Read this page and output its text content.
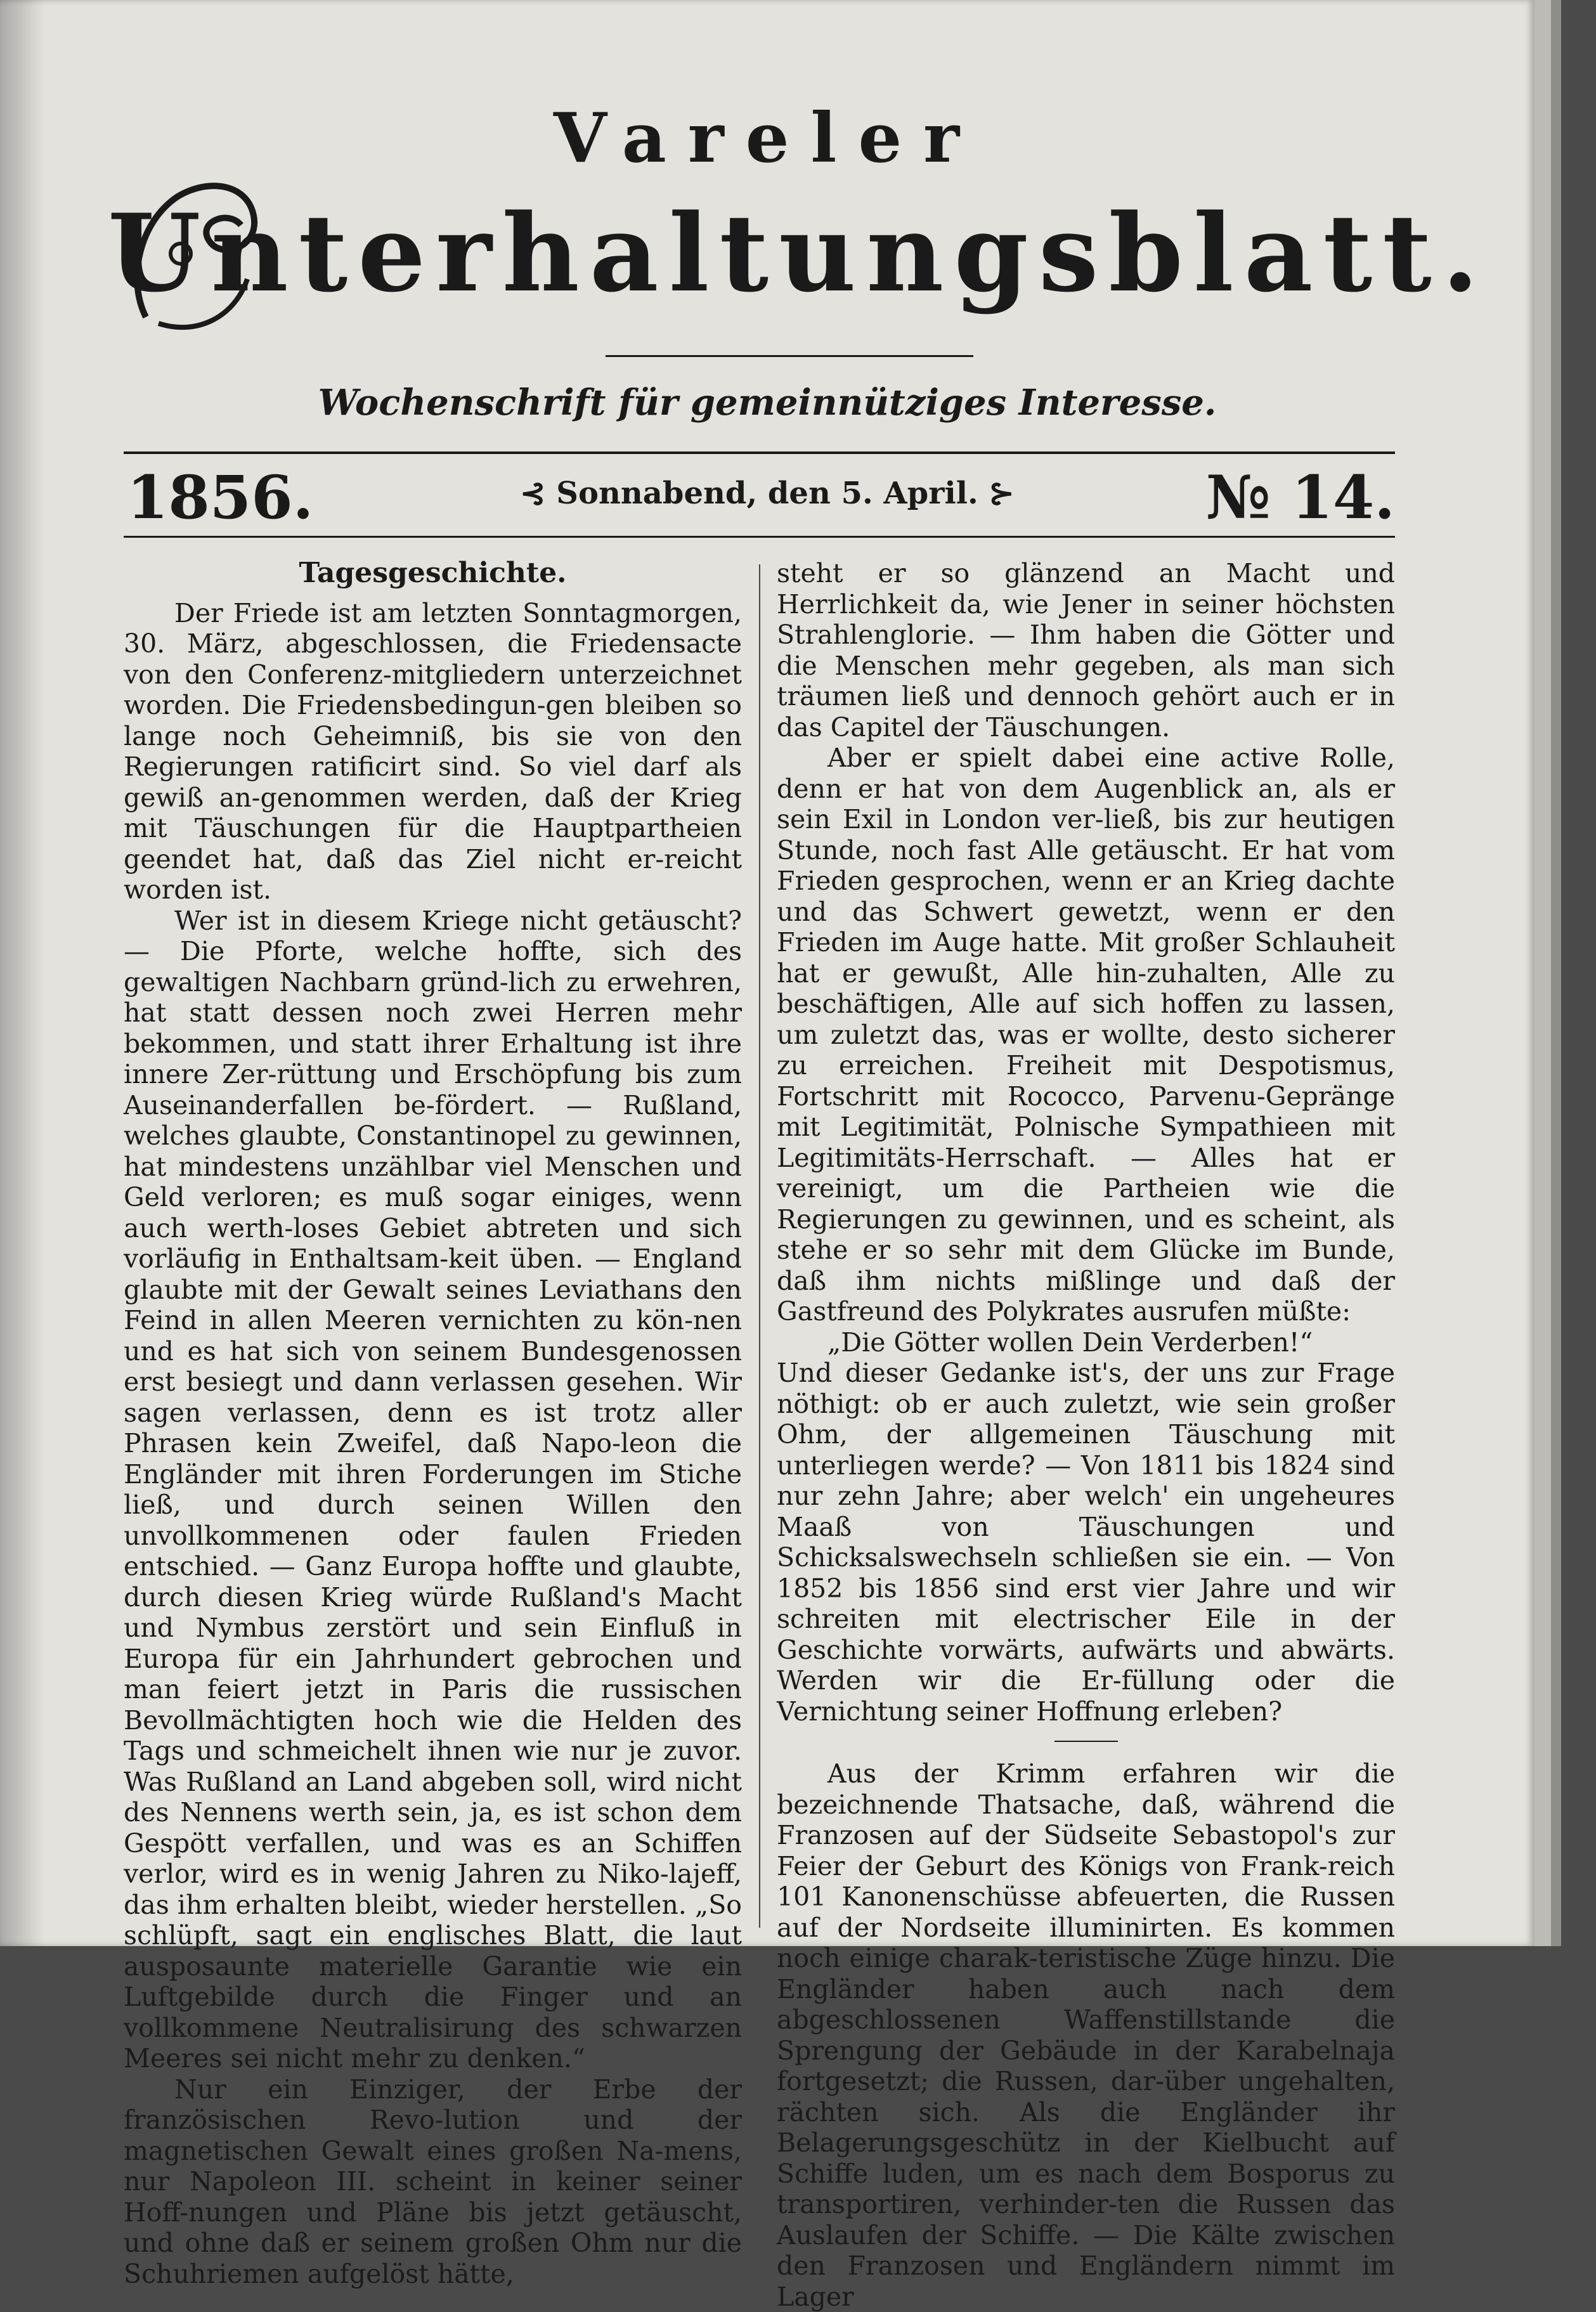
Vareler
Unterhaltungsblatt.
Wochenschrift für gemeinnütziges Interesse.
1856.	⊰ Sonnabend, den 5. April. ⊱	№ 14.
Tagesgeschichte.

Der Friede ist am letzten Sonntagmorgen, 30. März, abgeschlossen, die Friedensacte von den Conferenz-mitgliedern unterzeichnet worden. Die Friedensbedingun-gen bleiben so lange noch Geheimniß, bis sie von den Regierungen ratificirt sind. So viel darf als gewiß an-genommen werden, daß der Krieg mit Täuschungen für die Hauptpartheien geendet hat, daß das Ziel nicht er-reicht worden ist.

Wer ist in diesem Kriege nicht getäuscht? — Die Pforte, welche hoffte, sich des gewaltigen Nachbarn gründ-lich zu erwehren, hat statt dessen noch zwei Herren mehr bekommen, und statt ihrer Erhaltung ist ihre innere Zer-rüttung und Erschöpfung bis zum Auseinanderfallen be-fördert. — Rußland, welches glaubte, Constantinopel zu gewinnen, hat mindestens unzählbar viel Menschen und Geld verloren; es muß sogar einiges, wenn auch werth-loses Gebiet abtreten und sich vorläufig in Enthaltsam-keit üben. — England glaubte mit der Gewalt seines Leviathans den Feind in allen Meeren vernichten zu kön-nen und es hat sich von seinem Bundesgenossen erst besiegt und dann verlassen gesehen. Wir sagen verlassen, denn es ist trotz aller Phrasen kein Zweifel, daß Napo-leon die Engländer mit ihren Forderungen im Stiche ließ, und durch seinen Willen den unvollkommenen oder faulen Frieden entschied. — Ganz Europa hoffte und glaubte, durch diesen Krieg würde Rußland's Macht und Nymbus zerstört und sein Einfluß in Europa für ein Jahrhundert gebrochen und man feiert jetzt in Paris die russischen Bevollmächtigten hoch wie die Helden des Tags und schmeichelt ihnen wie nur je zuvor. Was Rußland an Land abgeben soll, wird nicht des Nennens werth sein, ja, es ist schon dem Gespött verfallen, und was es an Schiffen verlor, wird es in wenig Jahren zu Niko-lajeff, das ihm erhalten bleibt, wieder herstellen. „So schlüpft, sagt ein englisches Blatt, die laut ausposaunte materielle Garantie wie ein Luftgebilde durch die Finger und an vollkommene Neutralisirung des schwarzen Meeres sei nicht mehr zu denken.“

Nur ein Einziger, der Erbe der französischen Revo-lution und der magnetischen Gewalt eines großen Na-mens, nur Napoleon III. scheint in keiner seiner Hoff-nungen und Pläne bis jetzt getäuscht, und ohne daß er seinem großen Ohm nur die Schuhriemen aufgelöst hätte,

steht er so glänzend an Macht und Herrlichkeit da, wie Jener in seiner höchsten Strahlenglorie. — Ihm haben die Götter und die Menschen mehr gegeben, als man sich träumen ließ und dennoch gehört auch er in das Capitel der Täuschungen.

Aber er spielt dabei eine active Rolle, denn er hat von dem Augenblick an, als er sein Exil in London ver-ließ, bis zur heutigen Stunde, noch fast Alle getäuscht. Er hat vom Frieden gesprochen, wenn er an Krieg dachte und das Schwert gewetzt, wenn er den Frieden im Auge hatte. Mit großer Schlauheit hat er gewußt, Alle hin-zuhalten, Alle zu beschäftigen, Alle auf sich hoffen zu lassen, um zuletzt das, was er wollte, desto sicherer zu erreichen. Freiheit mit Despotismus, Fortschritt mit Rococco, Parvenu-Gepränge mit Legitimität, Polnische Sympathieen mit Legitimitäts-Herrschaft. — Alles hat er vereinigt, um die Partheien wie die Regierungen zu gewinnen, und es scheint, als stehe er so sehr mit dem Glücke im Bunde, daß ihm nichts mißlinge und daß der Gastfreund des Polykrates ausrufen müßte:

„Die Götter wollen Dein Verderben!“

Und dieser Gedanke ist's, der uns zur Frage nöthigt: ob er auch zuletzt, wie sein großer Ohm, der allgemeinen Täuschung mit unterliegen werde? — Von 1811 bis 1824 sind nur zehn Jahre; aber welch' ein ungeheures Maaß von Täuschungen und Schicksalswechseln schließen sie ein. — Von 1852 bis 1856 sind erst vier Jahre und wir schreiten mit electrischer Eile in der Geschichte vorwärts, aufwärts und abwärts. Werden wir die Er-füllung oder die Vernichtung seiner Hoffnung erleben?

Aus der Krimm erfahren wir die bezeichnende Thatsache, daß, während die Franzosen auf der Südseite Sebastopol's zur Feier der Geburt des Königs von Frank-reich 101 Kanonenschüsse abfeuerten, die Russen auf der Nordseite illuminirten. Es kommen noch einige charak-teristische Züge hinzu. Die Engländer haben auch nach dem abgeschlossenen Waffenstillstande die Sprengung der Gebäude in der Karabelnaja fortgesetzt; die Russen, dar-über ungehalten, rächten sich. Als die Engländer ihr Belagerungsgeschütz in der Kielbucht auf Schiffe luden, um es nach dem Bosporus zu transportiren, verhinder-ten die Russen das Auslaufen der Schiffe. — Die Kälte zwischen den Franzosen und Engländern nimmt im Lager
